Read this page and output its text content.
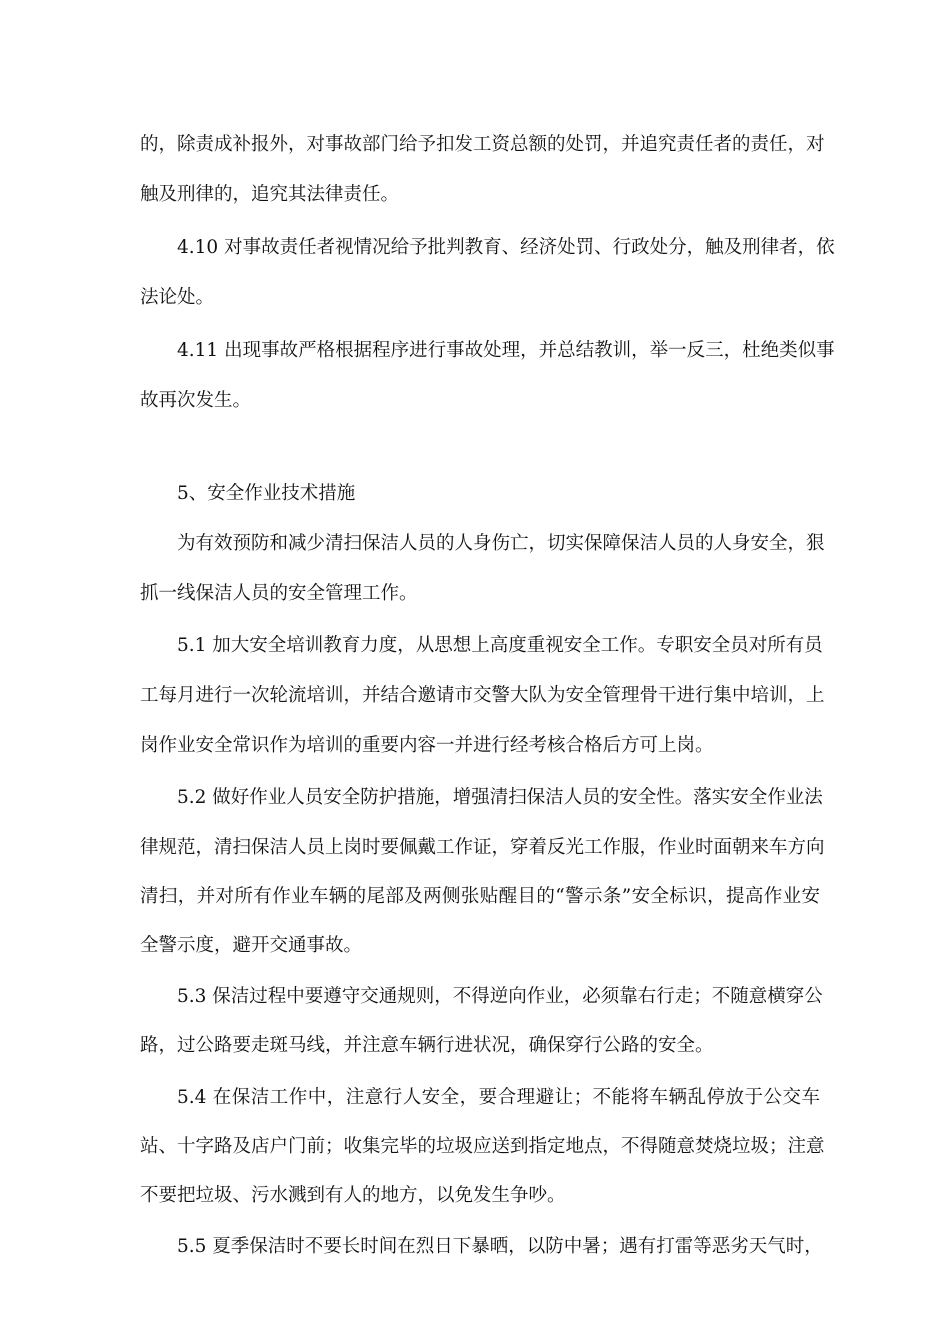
的，除责成补报外，对事故部门给予扣发工资总额的处罚，并追究责任者的责任，对
触及刑律的，追究其法律责任。
4.10 对事故责任者视情况给予批判教育、经济处罚、行政处分，触及刑律者，依
法论处。
4.11 出现事故严格根据程序进行事故处理，并总结教训，举一反三，杜绝类似事
故再次发生。
5、安全作业技术措施
为有效预防和减少清扫保洁人员的人身伤亡，切实保障保洁人员的人身安全，狠
抓一线保洁人员的安全管理工作。
5.1 加大安全培训教育力度，从思想上高度重视安全工作。专职安全员对所有员
工每月进行一次轮流培训，并结合邀请市交警大队为安全管理骨干进行集中培训，上
岗作业安全常识作为培训的重要内容一并进行经考核合格后方可上岗。
5.2 做好作业人员安全防护措施，增强清扫保洁人员的安全性。落实安全作业法
律规范，清扫保洁人员上岗时要佩戴工作证，穿着反光工作服，作业时面朝来车方向
清扫，并对所有作业车辆的尾部及两侧张贴醒目的“警示条”安全标识，提高作业安
全警示度，避开交通事故。
5.3 保洁过程中要遵守交通规则，不得逆向作业，必须靠右行走；不随意横穿公
路，过公路要走斑马线，并注意车辆行进状况，确保穿行公路的安全。
5.4 在保洁工作中，注意行人安全，要合理避让；不能将车辆乱停放于公交车
站、十字路及店户门前；收集完毕的垃圾应送到指定地点，不得随意焚烧垃圾；注意
不要把垃圾、污水溅到有人的地方，以免发生争吵。
5.5 夏季保洁时不要长时间在烈日下暴晒，以防中暑；遇有打雷等恶劣天气时，
